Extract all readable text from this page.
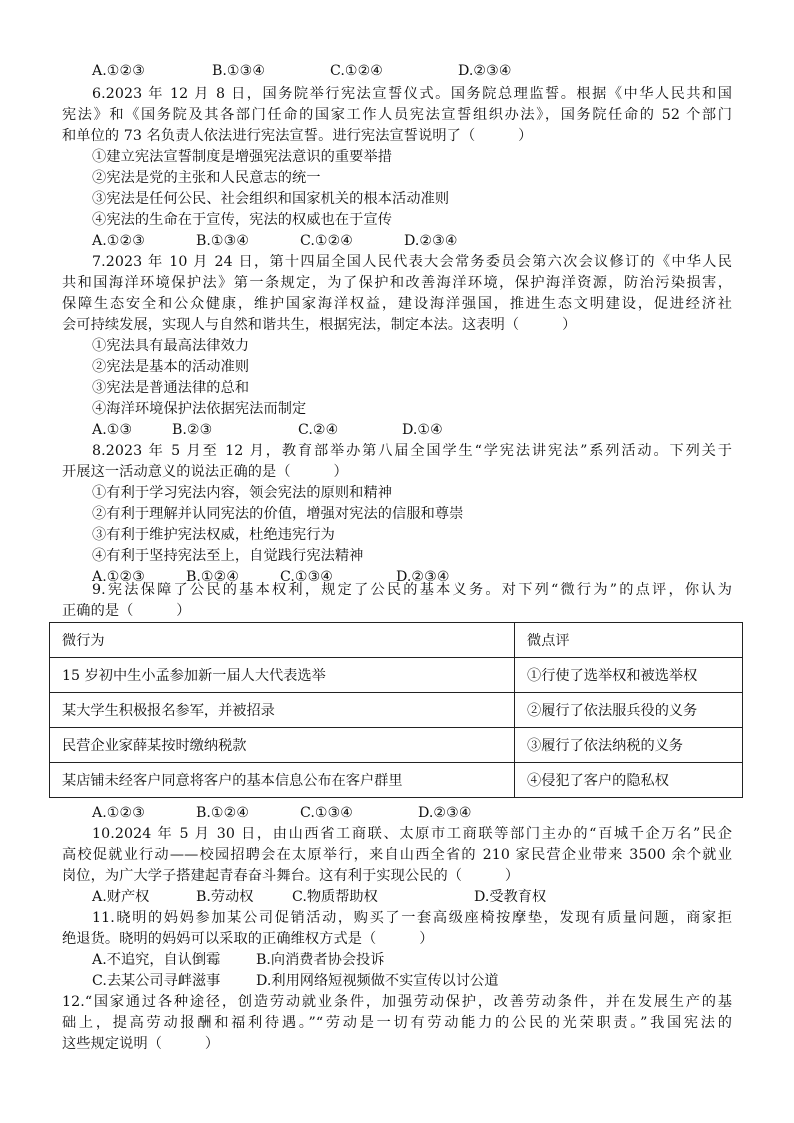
A.①②③	B.①③④	C.①②④	D.②③④
6.2023 年 12 月 8 日，国务院举行宪法宣誓仪式。国务院总理监誓。根据《中华人民共和国
宪法》和《国务院及其各部门任命的国家工作人员宪法宣誓组织办法》，国务院任命的 52 个部门
和单位的 73 名负责人依法进行宪法宣誓。进行宪法宣誓说明了（　　　）
①建立宪法宣誓制度是增强宪法意识的重要举措
②宪法是党的主张和人民意志的统一
③宪法是任何公民、社会组织和国家机关的根本活动准则
④宪法的生命在于宣传，宪法的权威也在于宣传
A.①②③	B.①③④	C.①②④	D.②③④
7.2023 年 10 月 24 日，第十四届全国人民代表大会常务委员会第六次会议修订的《中华人民
共和国海洋环境保护法》第一条规定，为了保护和改善海洋环境，保护海洋资源，防治污染损害，
保障生态安全和公众健康，维护国家海洋权益，建设海洋强国，推进生态文明建设，促进经济社
会可持续发展，实现人与自然和谐共生，根据宪法，制定本法。这表明（　　　）
①宪法具有最高法律效力
②宪法是基本的活动准则
③宪法是普通法律的总和
④海洋环境保护法依据宪法而制定
A.①③	B.②③	C.②④	D.①④
8.2023 年 5 月至 12 月，教育部举办第八届全国学生“学宪法讲宪法”系列活动。下列关于
开展这一活动意义的说法正确的是（　　　）
①有利于学习宪法内容，领会宪法的原则和精神
②有利于理解并认同宪法的价值，增强对宪法的信服和尊崇
③有利于维护宪法权威，杜绝违宪行为
④有利于坚持宪法至上，自觉践行宪法精神
A.①②③	B.①②④	C.①③④	D.②③④
9.宪法保障了公民的基本权利，规定了公民的基本义务。对下列“微行为”的点评，你认为
正确的是（　　　）
微行为	微点评
15 岁初中生小孟参加新一届人大代表选举	①行使了选举权和被选举权
某大学生积极报名参军，并被招录	②履行了依法服兵役的义务
民营企业家薛某按时缴纳税款	③履行了依法纳税的义务
某店铺未经客户同意将客户的基本信息公布在客户群里	④侵犯了客户的隐私权
A.①②③	B.①②④	C.①③④	D.②③④
10.2024 年 5 月 30 日，由山西省工商联、太原市工商联等部门主办的“百城千企万名”民企
高校促就业行动——校园招聘会在太原举行，来自山西全省的 210 家民营企业带来 3500 余个就业
岗位，为广大学子搭建起青春奋斗舞台。这有利于实现公民的（　　　）
A.财产权	B.劳动权	C.物质帮助权	D.受教育权
11.晓明的妈妈参加某公司促销活动，购买了一套高级座椅按摩垫，发现有质量问题，商家拒
绝退货。晓明的妈妈可以采取的正确维权方式是（　　　）
A.不追究，自认倒霉	B.向消费者协会投诉
C.去某公司寻衅滋事	D.利用网络短视频做不实宣传以讨公道
12.“国家通过各种途径，创造劳动就业条件，加强劳动保护，改善劳动条件，并在发展生产的基
础上，提高劳动报酬和福利待遇。”“劳动是一切有劳动能力的公民的光荣职责。”我国宪法的
这些规定说明（　　　）
